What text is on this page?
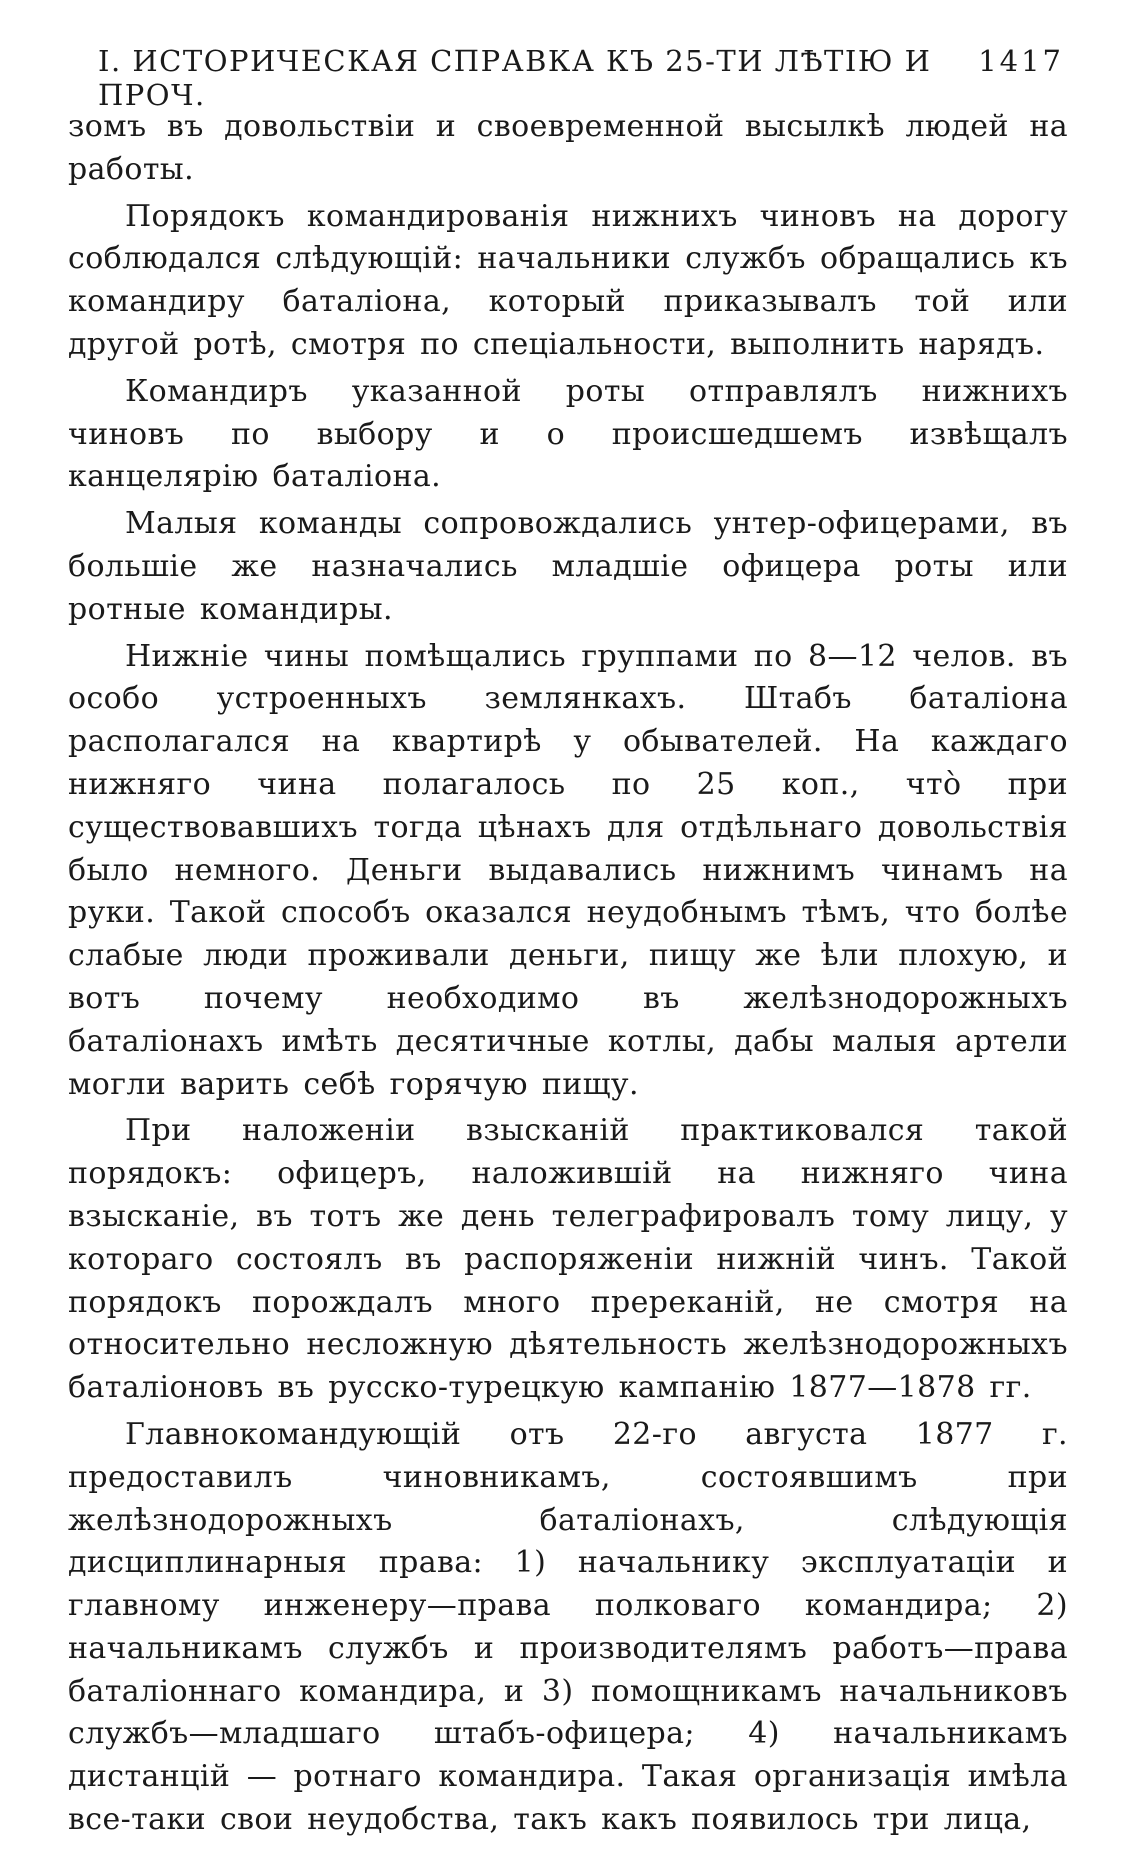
I. ИСТОРИЧЕСКАЯ СПРАВКА КЪ 25-ТИ ЛѢТІЮ И ПРОЧ.
1417

зомъ въ довольствіи и своевременной высылкѣ людей на работы.

Порядокъ командированія нижнихъ чиновъ на дорогу соблюдался слѣдующій: начальники службъ обращались къ командиру баталіона, который приказывалъ той или другой ротѣ, смотря по спеціальности, выполнить нарядъ.

Командиръ указанной роты отправлялъ нижнихъ чиновъ по выбору и о происшедшемъ извѣщалъ канцелярію баталіона.

Малыя команды сопровождались унтер-офицерами, въ большіе же назначались младшіе офицера роты или ротные командиры.

Нижніе чины помѣщались группами по 8—12 челов. въ особо устроенныхъ землянкахъ. Штабъ баталіона располагался на квартирѣ у обывателей. На каждаго нижняго чина полагалось по 25 коп., что̀ при существовавшихъ тогда цѣнахъ для отдѣльнаго довольствія было немного. Деньги выдавались нижнимъ чинамъ на руки. Такой способъ оказался неудобнымъ тѣмъ, что болѣе слабые люди проживали деньги, пищу же ѣли плохую, и вотъ почему необходимо въ желѣзнодорожныхъ баталіонахъ имѣть десятичные котлы, дабы малыя артели могли варить себѣ горячую пищу.

При наложеніи взысканій практиковался такой порядокъ: офицеръ, наложившій на нижняго чина взысканіе, въ тотъ же день телеграфировалъ тому лицу, у котораго состоялъ въ распоряженіи нижній чинъ. Такой порядокъ порождалъ много пререканій, не смотря на относительно несложную дѣятельность желѣзнодорожныхъ баталіоновъ въ русско-турецкую кампанію 1877—1878 гг.

Главнокомандующій отъ 22-го августа 1877 г. предоставилъ чиновникамъ, состоявшимъ при желѣзнодорожныхъ баталіонахъ, слѣдующія дисциплинарныя права: 1) начальнику эксплуатаціи и главному инженеру—права полковаго командира; 2) начальникамъ службъ и производителямъ работъ—права баталіоннаго командира, и 3) помощникамъ начальниковъ службъ—младшаго штабъ-офицера; 4) начальникамъ дистанцій — ротнаго командира. Такая организація имѣла все-таки свои неудобства, такъ какъ появилось три лица,
